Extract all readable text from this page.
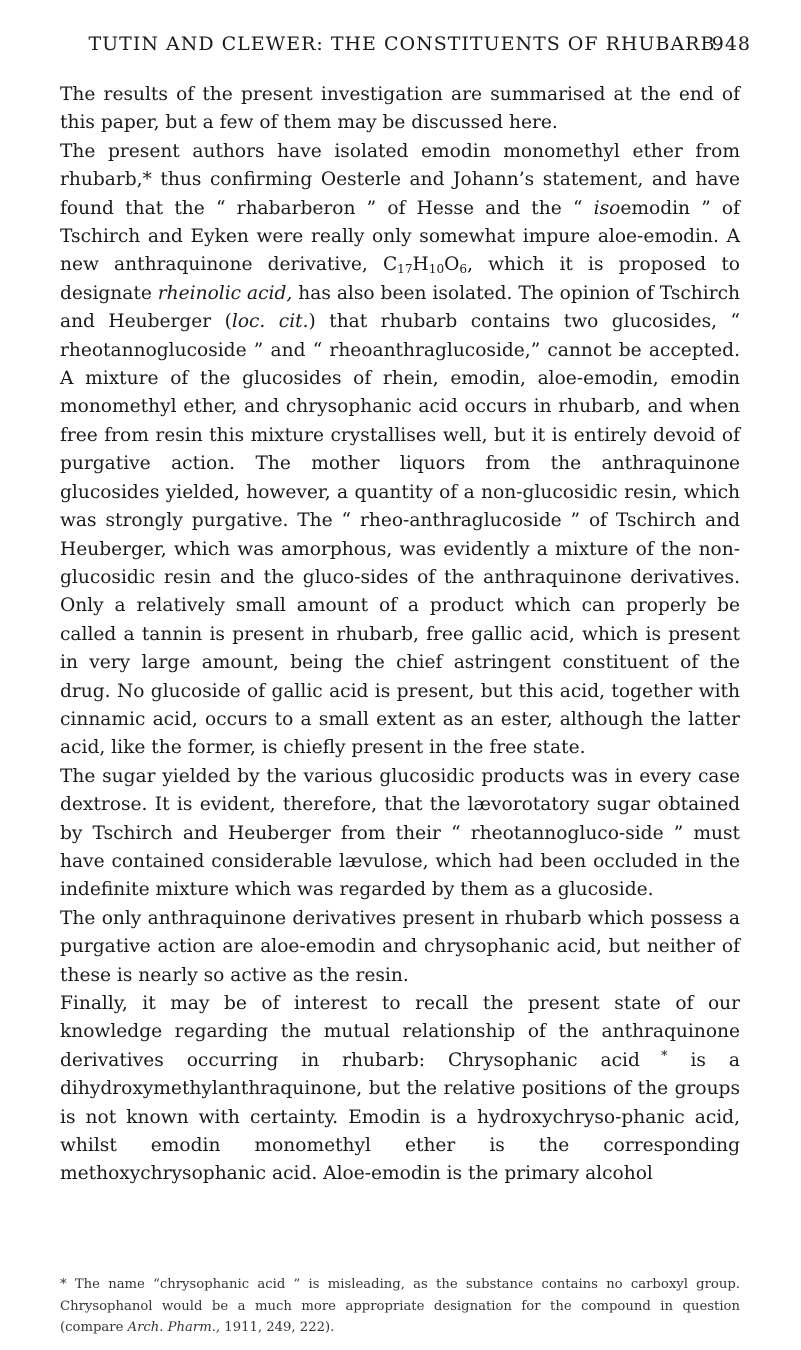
TUTIN AND CLEWER: THE CONSTITUENTS OF RHUBARB.
948

The results of the present investigation are summarised at the end of this paper, but a few of them may be discussed here.

The present authors have isolated emodin monomethyl ether from rhubarb,* thus confirming Oesterle and Johann’s statement, and have found that the “ rhabarberon ” of Hesse and the “ isoemodin ” of Tschirch and Eyken were really only somewhat impure aloe-emodin. A new anthraquinone derivative, $C_{17}H_{10}O_6$, which it is proposed to designate rheinolic acid, has also been isolated. The opinion of Tschirch and Heuberger (loc. cit.) that rhubarb contains two glucosides, “ rheotannoglucoside ” and “ rheoanthraglucoside,” cannot be accepted. A mixture of the glucosides of rhein, emodin, aloe-emodin, emodin monomethyl ether, and chrysophanic acid occurs in rhubarb, and when free from resin this mixture crystallises well, but it is entirely devoid of purgative action. The mother liquors from the anthraquinone glucosides yielded, however, a quantity of a non-glucosidic resin, which was strongly purgative. The “ rheo-anthraglucoside ” of Tschirch and Heuberger, which was amorphous, was evidently a mixture of the non-glucosidic resin and the gluco-sides of the anthraquinone derivatives. Only a relatively small amount of a product which can properly be called a tannin is present in rhubarb, free gallic acid, which is present in very large amount, being the chief astringent constituent of the drug. No glucoside of gallic acid is present, but this acid, together with cinnamic acid, occurs to a small extent as an ester, although the latter acid, like the former, is chiefly present in the free state.

The sugar yielded by the various glucosidic products was in every case dextrose. It is evident, therefore, that the lævorotatory sugar obtained by Tschirch and Heuberger from their “ rheotannogluco-side ” must have contained considerable lævulose, which had been occluded in the indefinite mixture which was regarded by them as a glucoside.

The only anthraquinone derivatives present in rhubarb which possess a purgative action are aloe-emodin and chrysophanic acid, but neither of these is nearly so active as the resin.

Finally, it may be of interest to recall the present state of our knowledge regarding the mutual relationship of the anthraquinone derivatives occurring in rhubarb: Chrysophanic acid * is a dihydroxymethylanthraquinone, but the relative positions of the groups is not known with certainty. Emodin is a hydroxychryso-phanic acid, whilst emodin monomethyl ether is the corresponding methoxychrysophanic acid. Aloe-emodin is the primary alcohol

* The name “chrysophanic acid ” is misleading, as the substance contains no carboxyl group. Chrysophanol would be a much more appropriate designation for the compound in question (compare Arch. Pharm., 1911, 249, 222).
